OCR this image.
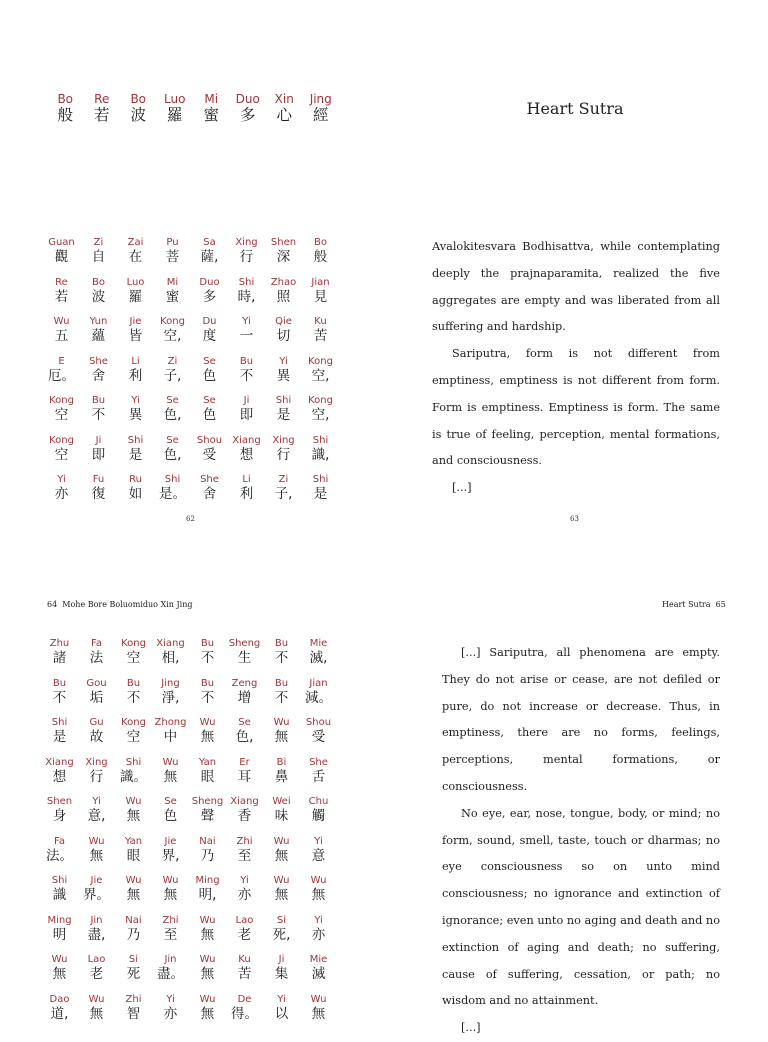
Bo
般
Re
若
Bo
波
Luo
羅
Mi
蜜
Duo
多
Xin
心
Jing
經
Guan
觀
Zi
自
Zai
在
Pu
菩
Sa
薩,
Xing
行
Shen
深
Bo
般
Re
若
Bo
波
Luo
羅
Mi
蜜
Duo
多
Shi
時,
Zhao
照
Jian
見
Wu
五
Yun
蘊
Jie
皆
Kong
空,
Du
度
Yi
一
Qie
切
Ku
苦
E
厄。
She
舍
Li
利
Zi
子,
Se
色
Bu
不
Yi
異
Kong
空,
Kong
空
Bu
不
Yi
異
Se
色,
Se
色
Ji
即
Shi
是
Kong
空,
Kong
空
Ji
即
Shi
是
Se
色,
Shou
受
Xiang
想
Xing
行
Shi
識,
Yi
亦
Fu
復
Ru
如
Shi
是。
She
舍
Li
利
Zi
子,
Shi
是
62
Heart Sutra

Avalokitesvara Bodhisattva, while contemplating deeply the prajnaparamita, realized the five aggregates are empty and was liberated from all suffering and hardship.

Sariputra, form is not different from emptiness, emptiness is not different from form. Form is emptiness. Emptiness is form. The same is true of feeling, perception, mental formations, and consciousness.

[...]

63
64 Mohe Bore Boluomiduo Xin Jing
Zhu
諸
Fa
法
Kong
空
Xiang
相,
Bu
不
Sheng
生
Bu
不
Mie
滅,
Bu
不
Gou
垢
Bu
不
Jing
淨,
Bu
不
Zeng
增
Bu
不
Jian
減。
Shi
是
Gu
故
Kong
空
Zhong
中
Wu
無
Se
色,
Wu
無
Shou
受
Xiang
想
Xing
行
Shi
識。
Wu
無
Yan
眼
Er
耳
Bi
鼻
She
舌
Shen
身
Yi
意,
Wu
無
Se
色
Sheng
聲
Xiang
香
Wei
味
Chu
觸
Fa
法。
Wu
無
Yan
眼
Jie
界,
Nai
乃
Zhi
至
Wu
無
Yi
意
Shi
識
Jie
界。
Wu
無
Wu
無
Ming
明,
Yi
亦
Wu
無
Wu
無
Ming
明
Jin
盡,
Nai
乃
Zhi
至
Wu
無
Lao
老
Si
死,
Yi
亦
Wu
無
Lao
老
Si
死
Jin
盡。
Wu
無
Ku
苦
Ji
集
Mie
滅
Dao
道,
Wu
無
Zhi
智
Yi
亦
Wu
無
De
得。
Yi
以
Wu
無
Heart Sutra 65

[...] Sariputra, all phenomena are empty. They do not arise or cease, are not defiled or pure, do not increase or decrease. Thus, in emptiness, there are no forms, feelings, perceptions, mental formations, or consciousness.

No eye, ear, nose, tongue, body, or mind; no form, sound, smell, taste, touch or dharmas; no eye consciousness so on unto mind consciousness; no ignorance and extinction of ignorance; even unto no aging and death and no extinction of aging and death; no suffering, cause of suffering, cessation, or path; no wisdom and no attainment.

[...]
